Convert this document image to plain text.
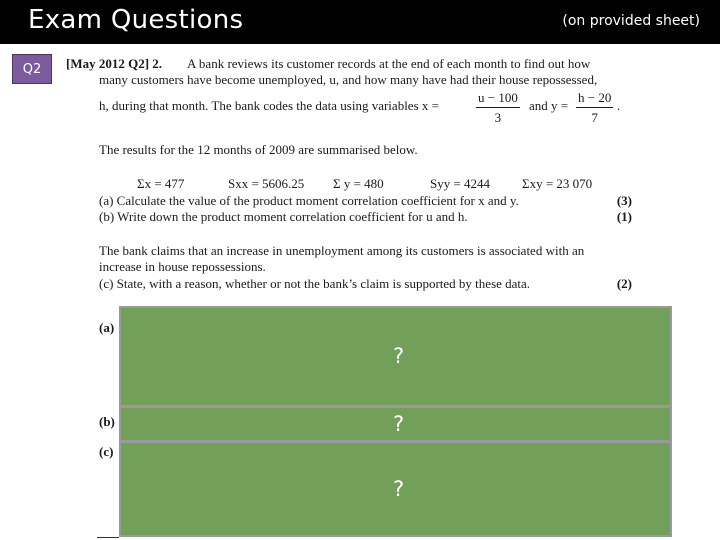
Exam Questions	(on provided sheet)
Q2	[May 2012 Q2] 2. A bank reviews its customer records at the end of each month to find out how
many customers have become unemployed, u, and how many have had their house repossessed,
h, during that month. The bank codes the data using variables x =	$\frac{u - 100}{3}$ and $y = \frac{h - 20}{7}$ .
The results for the 12 months of 2009 are summarised below.
Σx = 477	Sxx = 5606.25 Σ y = 480	Syy = 4244 Σxy = 23 070
(a) Calculate the value of the product moment correlation coefficient for x and y.	(3)
(b) Write down the product moment correlation coefficient for u and h.	(1)
The bank claims that an increase in unemployment among its customers is associated with an
increase in house repossessions.
(c) State, with a reason, whether or not the bank’s claim is supported by these data.	(2)
(a)
(b)
(c)
?
?
?
